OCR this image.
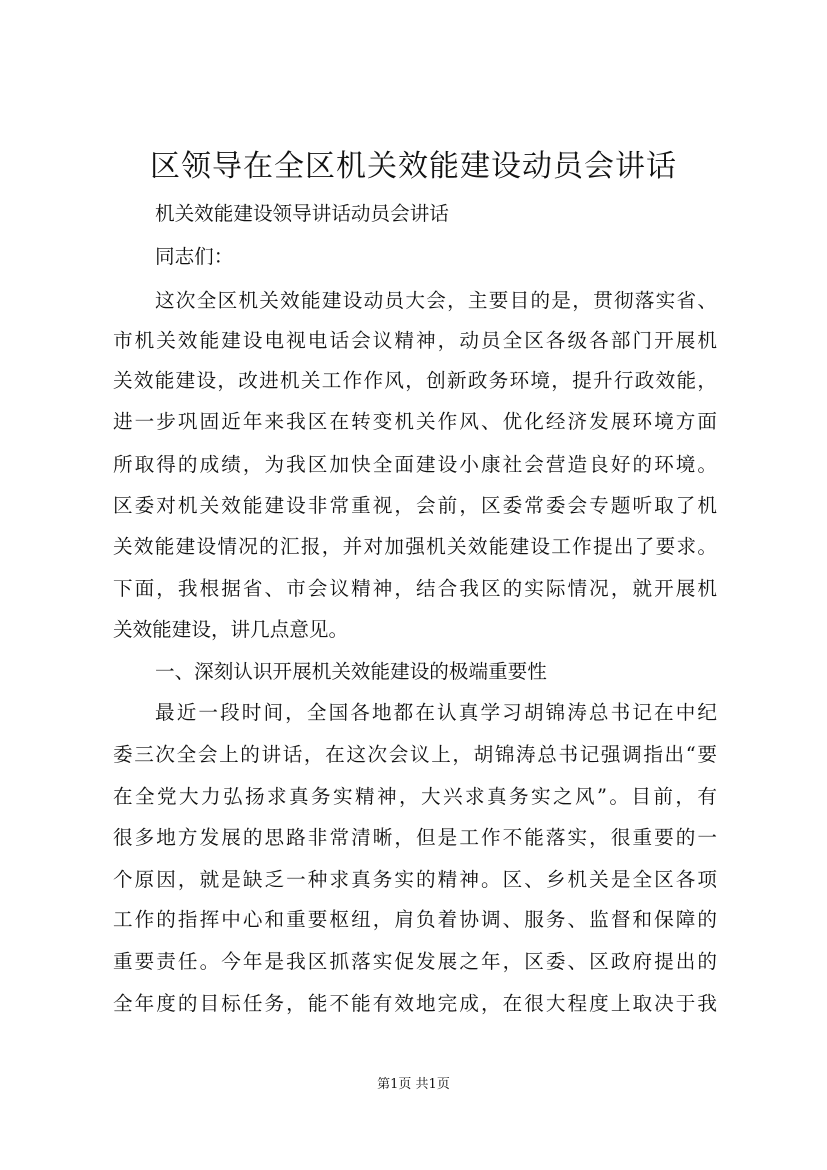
区领导在全区机关效能建设动员会讲话
机关效能建设领导讲话动员会讲话
同志们：
这次全区机关效能建设动员大会，主要目的是，贯彻落实省、
市机关效能建设电视电话会议精神，动员全区各级各部门开展机
关效能建设，改进机关工作作风，创新政务环境，提升行政效能，
进一步巩固近年来我区在转变机关作风、优化经济发展环境方面
所取得的成绩，为我区加快全面建设小康社会营造良好的环境。
区委对机关效能建设非常重视，会前，区委常委会专题听取了机
关效能建设情况的汇报，并对加强机关效能建设工作提出了要求。
下面，我根据省、市会议精神，结合我区的实际情况，就开展机
关效能建设，讲几点意见。
一、深刻认识开展机关效能建设的极端重要性
最近一段时间，全国各地都在认真学习胡锦涛总书记在中纪
委三次全会上的讲话，在这次会议上，胡锦涛总书记强调指出“要
在全党大力弘扬求真务实精神，大兴求真务实之风”。目前，有
很多地方发展的思路非常清晰，但是工作不能落实，很重要的一
个原因，就是缺乏一种求真务实的精神。区、乡机关是全区各项
工作的指挥中心和重要枢纽，肩负着协调、服务、监督和保障的
重要责任。今年是我区抓落实促发展之年，区委、区政府提出的
全年度的目标任务，能不能有效地完成，在很大程度上取决于我
第1页 共1页
